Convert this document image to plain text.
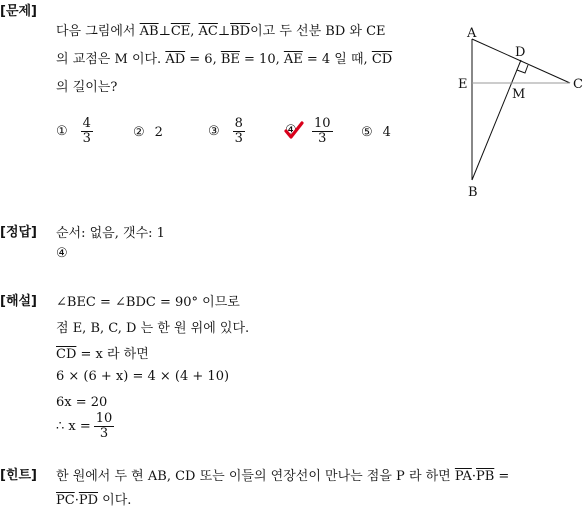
[문제]
다음 그림에서 $\overline{AB}\perp\overline{CE}$, $\overline{AC}\perp\overline{BD}$이고 두 선분 BD 와 CE
의 교점은 M 이다. $\overline{AD} = 6$, $\overline{BE} = 10$, $\overline{AE} = 4$ 일 때, $\overline{CD}$
의 길이는?
① $\frac{4}{3}$	② 2	③ $\frac{8}{3}$	④ $\frac{10}{3}$ ⑤ 4
A
D
E
M
C
B
[정답] 순서: 없음, 갯수: 1
④
[해설] ∠BEC = ∠BDC = 90° 이므로
점 E, B, C, D 는 한 원 위에 있다.
$\overline{CD} = x$ 라 하면
6 × (6 + x) = 4 × (4 + 10)
6x = 20
∴ $x = \frac{10}{3}$
[힌트] 한 원에서 두 현 AB, CD 또는 이들의 연장선이 만나는 점을 P 라 하면 $\overline{PA}\cdot\overline{PB}$ =
$\overline{PC}\cdot\overline{PD}$ 이다.
